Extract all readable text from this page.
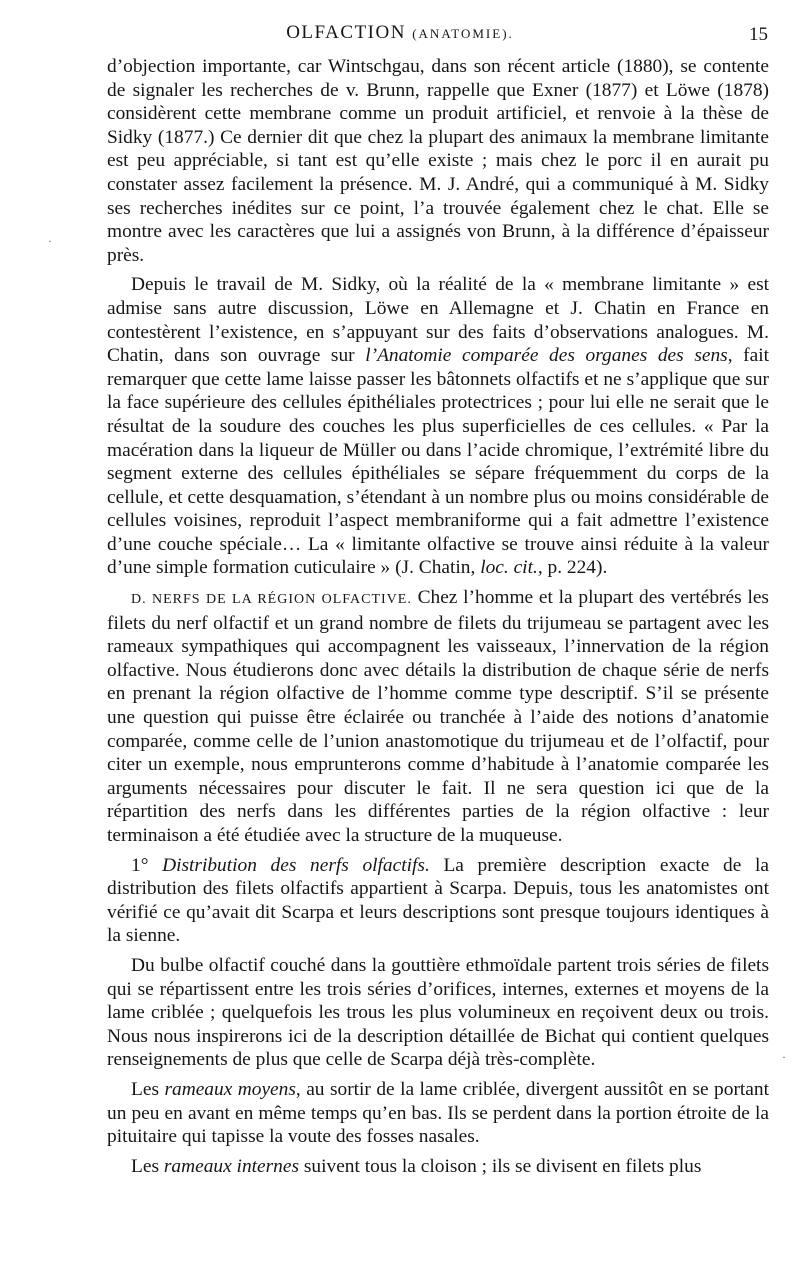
OLFACTION (ANATOMIE).	15
·
·

d’objection importante, car Wintschgau, dans son récent article (1880), se contente de signaler les recherches de v. Brunn, rappelle que Exner (1877) et Löwe (1878) considèrent cette membrane comme un produit artificiel, et renvoie à la thèse de Sidky (1877.) Ce dernier dit que chez la plupart des animaux la membrane limitante est peu appréciable, si tant est qu’elle existe ; mais chez le porc il en aurait pu constater assez facilement la présence. M. J. André, qui a communiqué à M. Sidky ses recherches inédites sur ce point, l’a trouvée également chez le chat. Elle se montre avec les caractères que lui a assignés von Brunn, à la différence d’épaisseur près.

Depuis le travail de M. Sidky, où la réalité de la « membrane limitante » est admise sans autre discussion, Löwe en Allemagne et J. Chatin en France en contestèrent l’existence, en s’appuyant sur des faits d’observations analogues. M. Chatin, dans son ouvrage sur l’Anatomie comparée des organes des sens, fait remarquer que cette lame laisse passer les bâtonnets olfactifs et ne s’applique que sur la face supérieure des cellules épithéliales protectrices ; pour lui elle ne serait que le résultat de la soudure des couches les plus superficielles de ces cellules. « Par la macération dans la liqueur de Müller ou dans l’acide chromique, l’extrémité libre du segment externe des cellules épithéliales se sépare fréquemment du corps de la cellule, et cette desquamation, s’étendant à un nombre plus ou moins considérable de cellules voisines, reproduit l’aspect membraniforme qui a fait admettre l’existence d’une couche spéciale… La « limitante olfactive se trouve ainsi réduite à la valeur d’une simple formation cuticulaire » (J. Chatin, loc. cit., p. 224).

D. NERFS DE LA RÉGION OLFACTIVE. Chez l’homme et la plupart des vertébrés les filets du nerf olfactif et un grand nombre de filets du trijumeau se partagent avec les rameaux sympathiques qui accompagnent les vaisseaux, l’innervation de la région olfactive. Nous étudierons donc avec détails la distribution de chaque série de nerfs en prenant la région olfactive de l’homme comme type descriptif. S’il se présente une question qui puisse être éclairée ou tranchée à l’aide des notions d’anatomie comparée, comme celle de l’union anastomotique du trijumeau et de l’olfactif, pour citer un exemple, nous emprunterons comme d’habitude à l’anatomie comparée les arguments nécessaires pour discuter le fait. Il ne sera question ici que de la répartition des nerfs dans les différentes parties de la région olfactive : leur terminaison a été étudiée avec la structure de la muqueuse.

1° Distribution des nerfs olfactifs. La première description exacte de la distribution des filets olfactifs appartient à Scarpa. Depuis, tous les anatomistes ont vérifié ce qu’avait dit Scarpa et leurs descriptions sont presque toujours identiques à la sienne.

Du bulbe olfactif couché dans la gouttière ethmoïdale partent trois séries de filets qui se répartissent entre les trois séries d’orifices, internes, externes et moyens de la lame criblée ; quelquefois les trous les plus volumineux en reçoivent deux ou trois. Nous nous inspirerons ici de la description détaillée de Bichat qui contient quelques renseignements de plus que celle de Scarpa déjà très-complète.

Les rameaux moyens, au sortir de la lame criblée, divergent aussitôt en se portant un peu en avant en même temps qu’en bas. Ils se perdent dans la portion étroite de la pituitaire qui tapisse la voute des fosses nasales.

Les rameaux internes suivent tous la cloison ; ils se divisent en filets plus
